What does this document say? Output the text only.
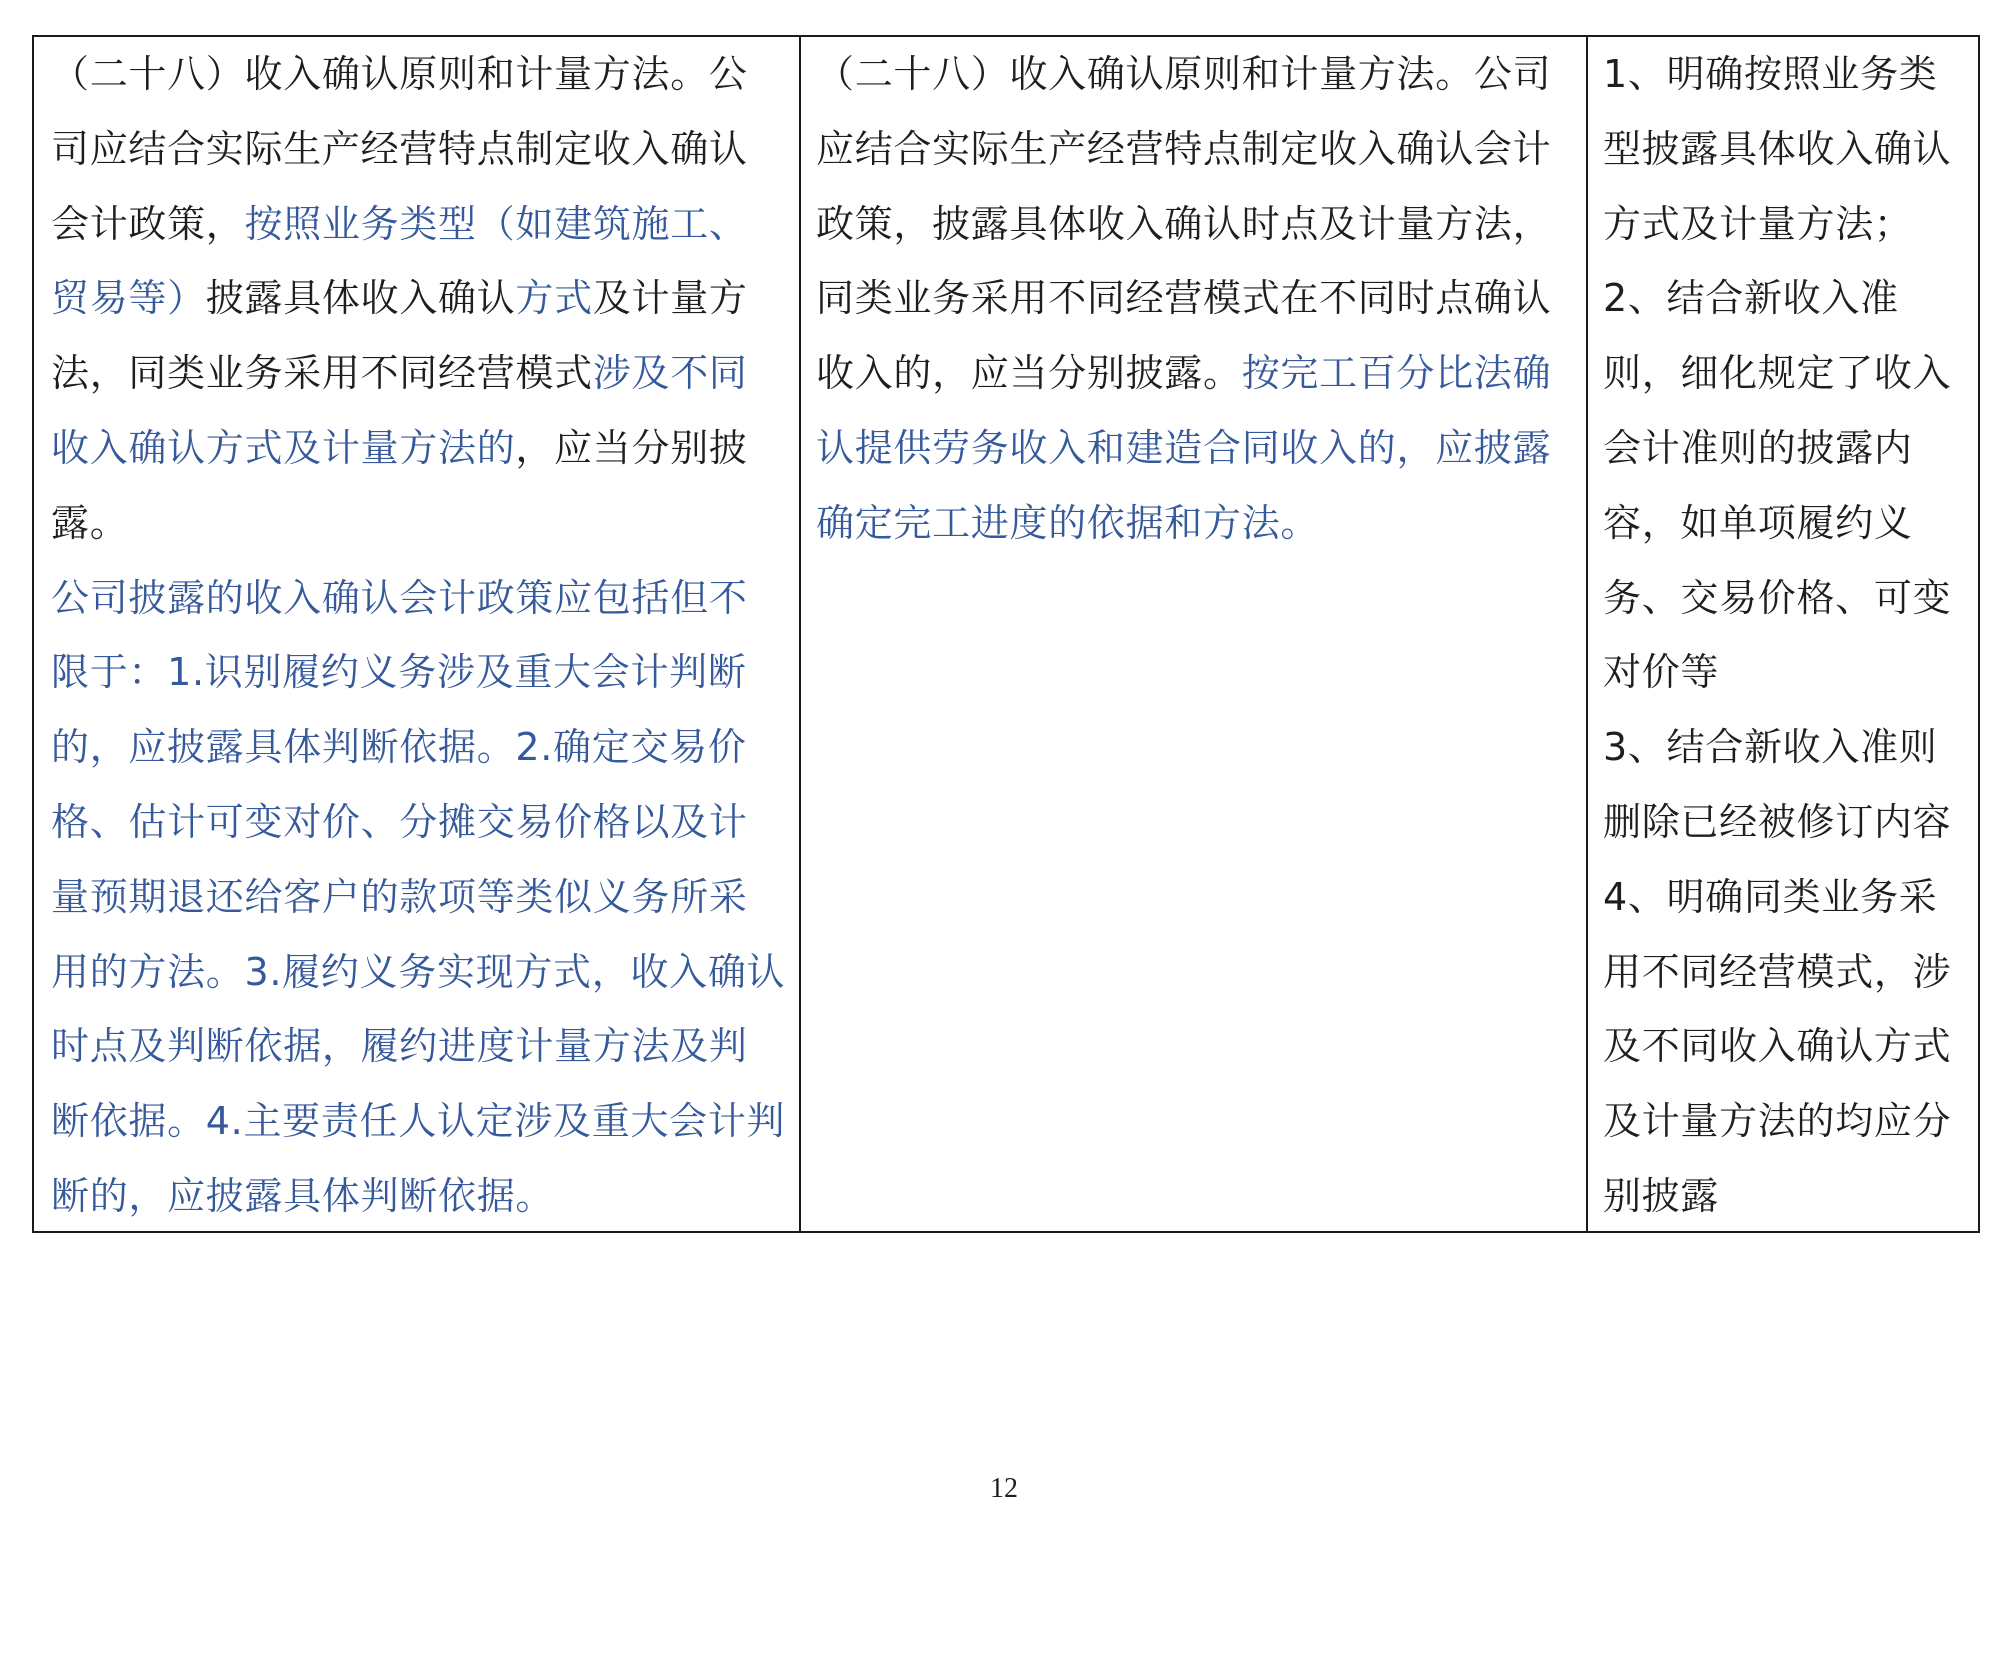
（二十八）收入确认原则和计量方法。公
司应结合实际生产经营特点制定收入确认
会计政策，按照业务类型（如建筑施工、
贸易等）披露具体收入确认方式及计量方
法，同类业务采用不同经营模式涉及不同
收入确认方式及计量方法的，应当分别披
露。
公司披露的收入确认会计政策应包括但不
限于：1.识别履约义务涉及重大会计判断
的，应披露具体判断依据。2.确定交易价
格、估计可变对价、分摊交易价格以及计
量预期退还给客户的款项等类似义务所采
用的方法。3.履约义务实现方式，收入确认
时点及判断依据，履约进度计量方法及判
断依据。4.主要责任人认定涉及重大会计判
断的，应披露具体判断依据。
（二十八）收入确认原则和计量方法。公司
应结合实际生产经营特点制定收入确认会计
政策，披露具体收入确认时点及计量方法，
同类业务采用不同经营模式在不同时点确认
收入的，应当分别披露。按完工百分比法确
认提供劳务收入和建造合同收入的，应披露
确定完工进度的依据和方法。
1、明确按照业务类
型披露具体收入确认
方式及计量方法；
2、结合新收入准
则，细化规定了收入
会计准则的披露内
容，如单项履约义
务、交易价格、可变
对价等
3、结合新收入准则
删除已经被修订内容
4、明确同类业务采
用不同经营模式，涉
及不同收入确认方式
及计量方法的均应分
别披露
12
